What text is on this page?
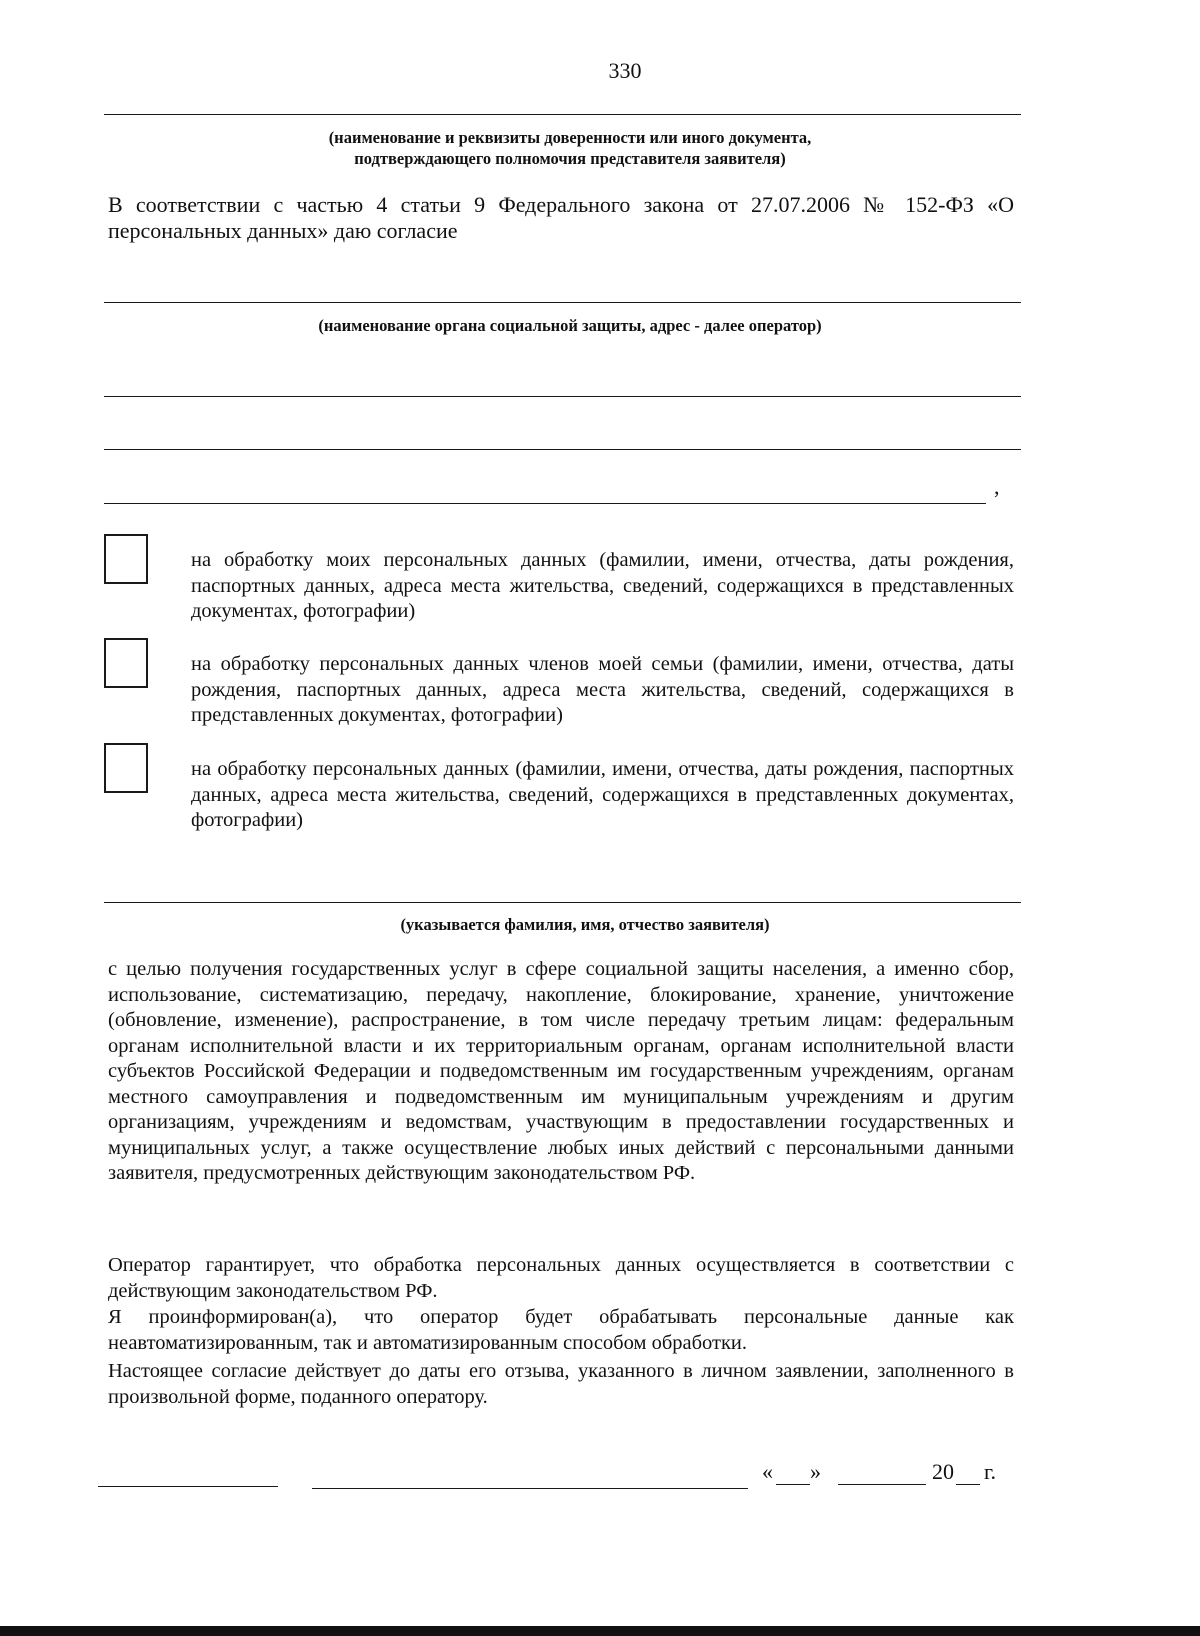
330
(наименование и реквизиты доверенности или иного документа,
подтверждающего полномочия представителя заявителя)
В соответствии с частью 4 статьи 9 Федерального закона от 27.07.2006 № 152-ФЗ «О персональных данных» даю согласие
(наименование органа социальной защиты, адрес - далее оператор)
,
на обработку моих персональных данных (фамилии, имени, отчества, даты рождения, паспортных данных, адреса места жительства, сведений, содержащихся в представленных документах, фотографии)
на обработку персональных данных членов моей семьи (фамилии, имени, отчества, даты рождения, паспортных данных, адреса места жительства, сведений, содержащихся в представленных документах, фотографии)
на обработку персональных данных (фамилии, имени, отчества, даты рождения, паспортных данных, адреса места жительства, сведений, содержащихся в представленных документах, фотографии)
(указывается фамилия, имя, отчество заявителя)
с целью получения государственных услуг в сфере социальной защиты населения, а именно сбор, использование, систематизацию, передачу, накопление, блокирование, хранение, уничтожение (обновление, изменение), распространение, в том числе передачу третьим лицам: федеральным органам исполнительной власти и их территориальным органам, органам исполнительной власти субъектов Российской Федерации и подведомственным им государственным учреждениям, органам местного самоуправления и подведомственным им муниципальным учреждениям и другим организациям, учреждениям и ведомствам, участвующим в предоставлении государственных и муниципальных услуг, а также осуществление любых иных действий с персональными данными заявителя, предусмотренных действующим законодательством РФ.
Оператор гарантирует, что обработка персональных данных осуществляется в соответствии с действующим законодательством РФ.
Я проинформирован(а), что оператор будет обрабатывать персональные данные как неавтоматизированным, так и автоматизированным способом обработки.
Настоящее согласие действует до даты его отзыва, указанного в личном заявлении, заполненного в произвольной форме, поданного оператору.
« »	20 г.
